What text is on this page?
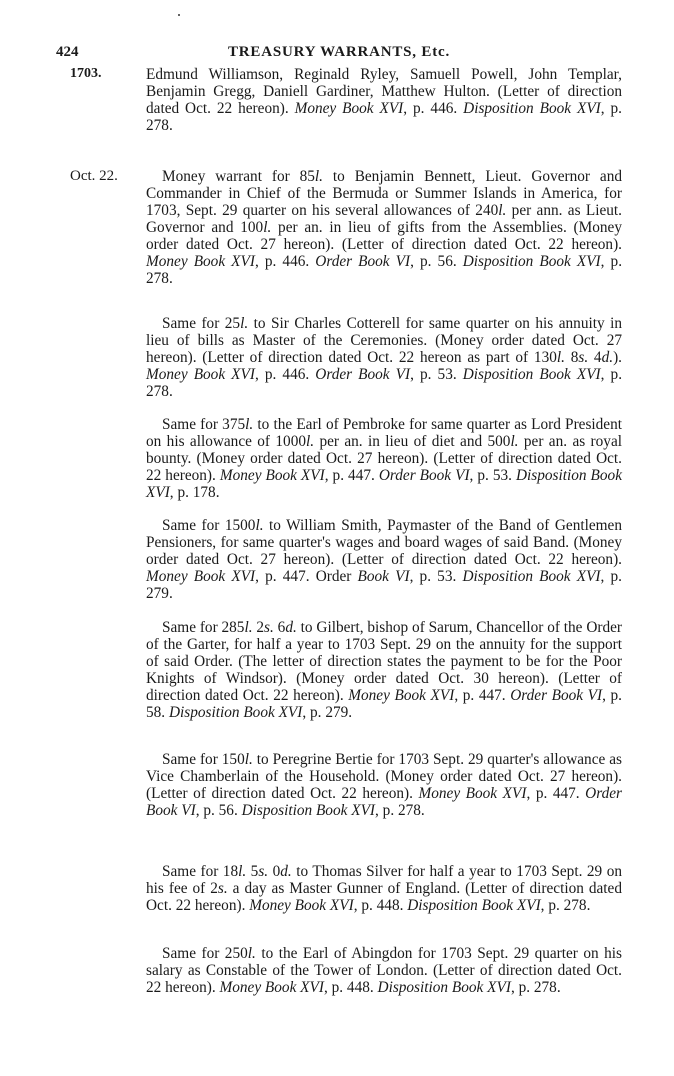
424	TREASURY WARRANTS, Etc.
1703.	Edmund Williamson, Reginald Ryley, Samuell Powell, John Templar, Benjamin Gregg, Daniell Gardiner, Matthew Hulton. (Letter of direction dated Oct. 22 hereon). Money Book XVI, p. 446. Disposition Book XVI, p. 278.

Oct. 22.	Money warrant for 85l. to Benjamin Bennett, Lieut. Governor and Commander in Chief of the Bermuda or Summer Islands in America, for 1703, Sept. 29 quarter on his several allowances of 240l. per ann. as Lieut. Governor and 100l. per an. in lieu of gifts from the Assemblies. (Money order dated Oct. 27 hereon). (Letter of direction dated Oct. 22 hereon). Money Book XVI, p. 446. Order Book VI, p. 56. Disposition Book XVI, p. 278.

Same for 25l. to Sir Charles Cotterell for same quarter on his annuity in lieu of bills as Master of the Ceremonies. (Money order dated Oct. 27 hereon). (Letter of direction dated Oct. 22 hereon as part of 130l. 8s. 4d.). Money Book XVI, p. 446. Order Book VI, p. 53. Disposition Book XVI, p. 278.

Same for 375l. to the Earl of Pembroke for same quarter as Lord President on his allowance of 1000l. per an. in lieu of diet and 500l. per an. as royal bounty. (Money order dated Oct. 27 hereon). (Letter of direction dated Oct. 22 hereon). Money Book XVI, p. 447. Order Book VI, p. 53. Disposition Book XVI, p. 178.

Same for 1500l. to William Smith, Paymaster of the Band of Gentlemen Pensioners, for same quarter's wages and board wages of said Band. (Money order dated Oct. 27 hereon). (Letter of direction dated Oct. 22 hereon). Money Book XVI, p. 447. Order Book VI, p. 53. Disposition Book XVI, p. 279.

Same for 285l. 2s. 6d. to Gilbert, bishop of Sarum, Chancellor of the Order of the Garter, for half a year to 1703 Sept. 29 on the annuity for the support of said Order. (The letter of direction states the payment to be for the Poor Knights of Windsor). (Money order dated Oct. 30 hereon). (Letter of direction dated Oct. 22 hereon). Money Book XVI, p. 447. Order Book VI, p. 58. Disposition Book XVI, p. 279.

Same for 150l. to Peregrine Bertie for 1703 Sept. 29 quarter's allowance as Vice Chamberlain of the Household. (Money order dated Oct. 27 hereon). (Letter of direction dated Oct. 22 hereon). Money Book XVI, p. 447. Order Book VI, p. 56. Disposition Book XVI, p. 278.

Same for 18l. 5s. 0d. to Thomas Silver for half a year to 1703 Sept. 29 on his fee of 2s. a day as Master Gunner of England. (Letter of direction dated Oct. 22 hereon). Money Book XVI, p. 448. Disposition Book XVI, p. 278.

Same for 250l. to the Earl of Abingdon for 1703 Sept. 29 quarter on his salary as Constable of the Tower of London. (Letter of direction dated Oct. 22 hereon). Money Book XVI, p. 448. Disposition Book XVI, p. 278.
